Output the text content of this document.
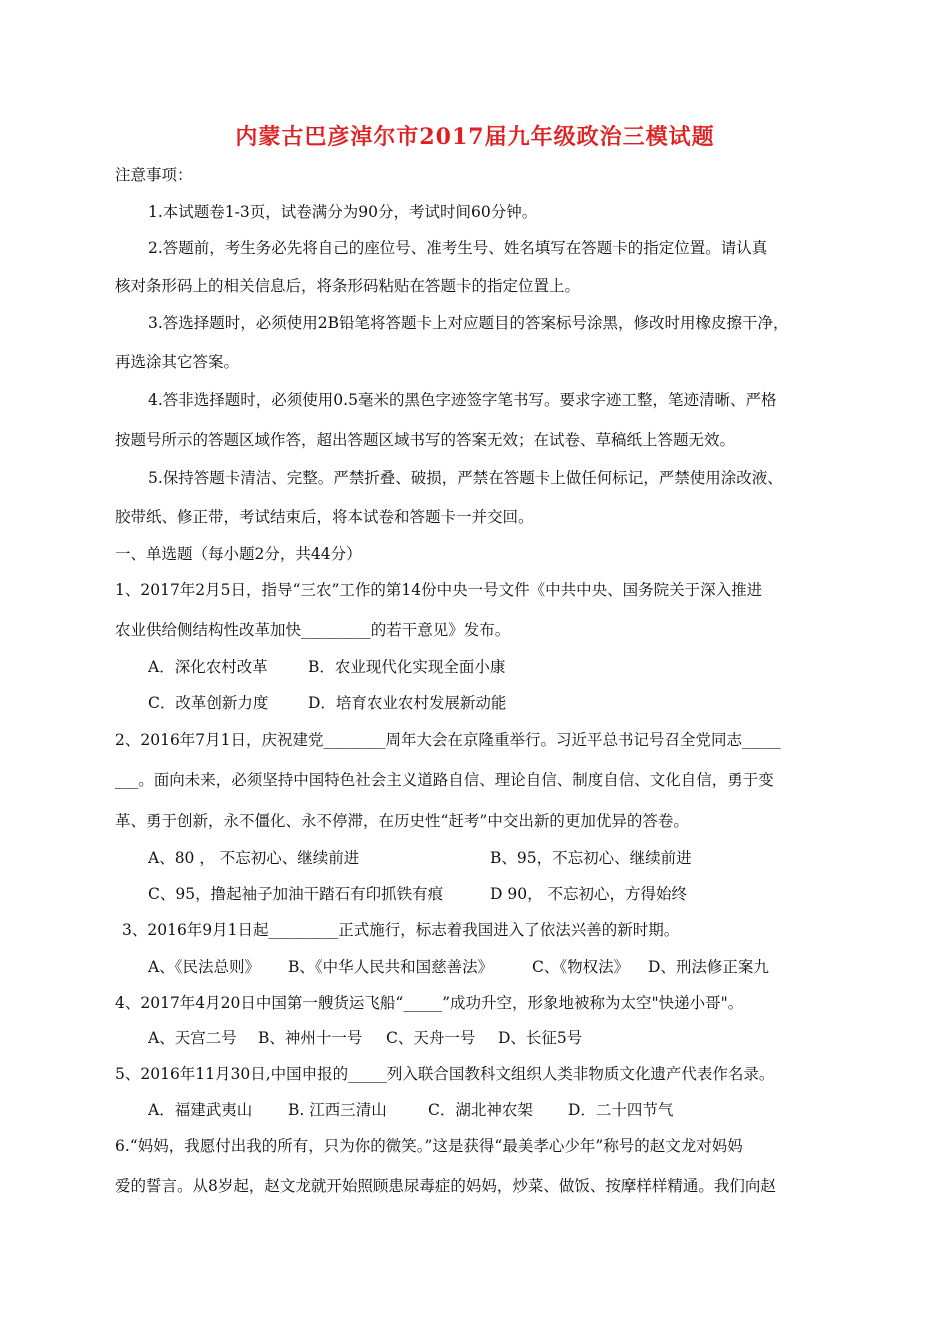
内蒙古巴彦淖尔市2017届九年级政治三模试题
注意事项：
1.本试题卷1-3页，试卷满分为90分，考试时间60分钟。
2.答题前，考生务必先将自己的座位号、准考生号、姓名填写在答题卡的指定位置。请认真
核对条形码上的相关信息后，将条形码粘贴在答题卡的指定位置上。
3.答选择题时，必须使用2B铅笔将答题卡上对应题目的答案标号涂黑，修改时用橡皮擦干净，
再选涂其它答案。
4.答非选择题时，必须使用0.5毫米的黑色字迹签字笔书写。要求字迹工整，笔迹清晰、严格
按题号所示的答题区域作答，超出答题区域书写的答案无效；在试卷、草稿纸上答题无效。
5.保持答题卡清洁、完整。严禁折叠、破损，严禁在答题卡上做任何标记，严禁使用涂改液、
胶带纸、修正带，考试结束后，将本试卷和答题卡一并交回。
一、单选题（每小题2分，共44分）
1、2017年2月5日，指导“三农”工作的第14份中央一号文件《中共中央、国务院关于深入推进
农业供给侧结构性改革加快_________的若干意见》发布。
A．深化农村改革	B．农业现代化实现全面小康
C．改革创新力度	D．培育农业农村发展新动能
2、2016年7月1日，庆祝建党________周年大会在京隆重举行。习近平总书记号召全党同志_____
___。面向未来，必须坚持中国特色社会主义道路自信、理论自信、制度自信、文化自信，勇于变
革、勇于创新，永不僵化、永不停滞，在历史性“赶考”中交出新的更加优异的答卷。
A、80 ， 不忘初心、继续前进	B、95，不忘初心、继续前进
C、95，撸起袖子加油干踏石有印抓铁有痕	D 90， 不忘初心，方得始终
3、2016年9月1日起_________正式施行，标志着我国进入了依法兴善的新时期。
A、《民法总则》 B、《中华人民共和国慈善法》	C、《物权法》 D、刑法修正案九
4、2017年4月20日中国第一艘货运飞船“_____”成功升空，形象地被称为太空"快递小哥"。
A、天宫二号 B、神州十一号 C、天舟一号 D、长征5号
5、2016年11月30日,中国申报的_____列入联合国教科文组织人类非物质文化遗产代表作名录。
A．福建武夷山 B. 江西三清山	C．湖北神农架 D．二十四节气
6.“妈妈，我愿付出我的所有，只为你的微笑。”这是获得“最美孝心少年”称号的赵文龙对妈妈
爱的誓言。从8岁起，赵文龙就开始照顾患尿毒症的妈妈，炒菜、做饭、按摩样样精通。我们向赵
